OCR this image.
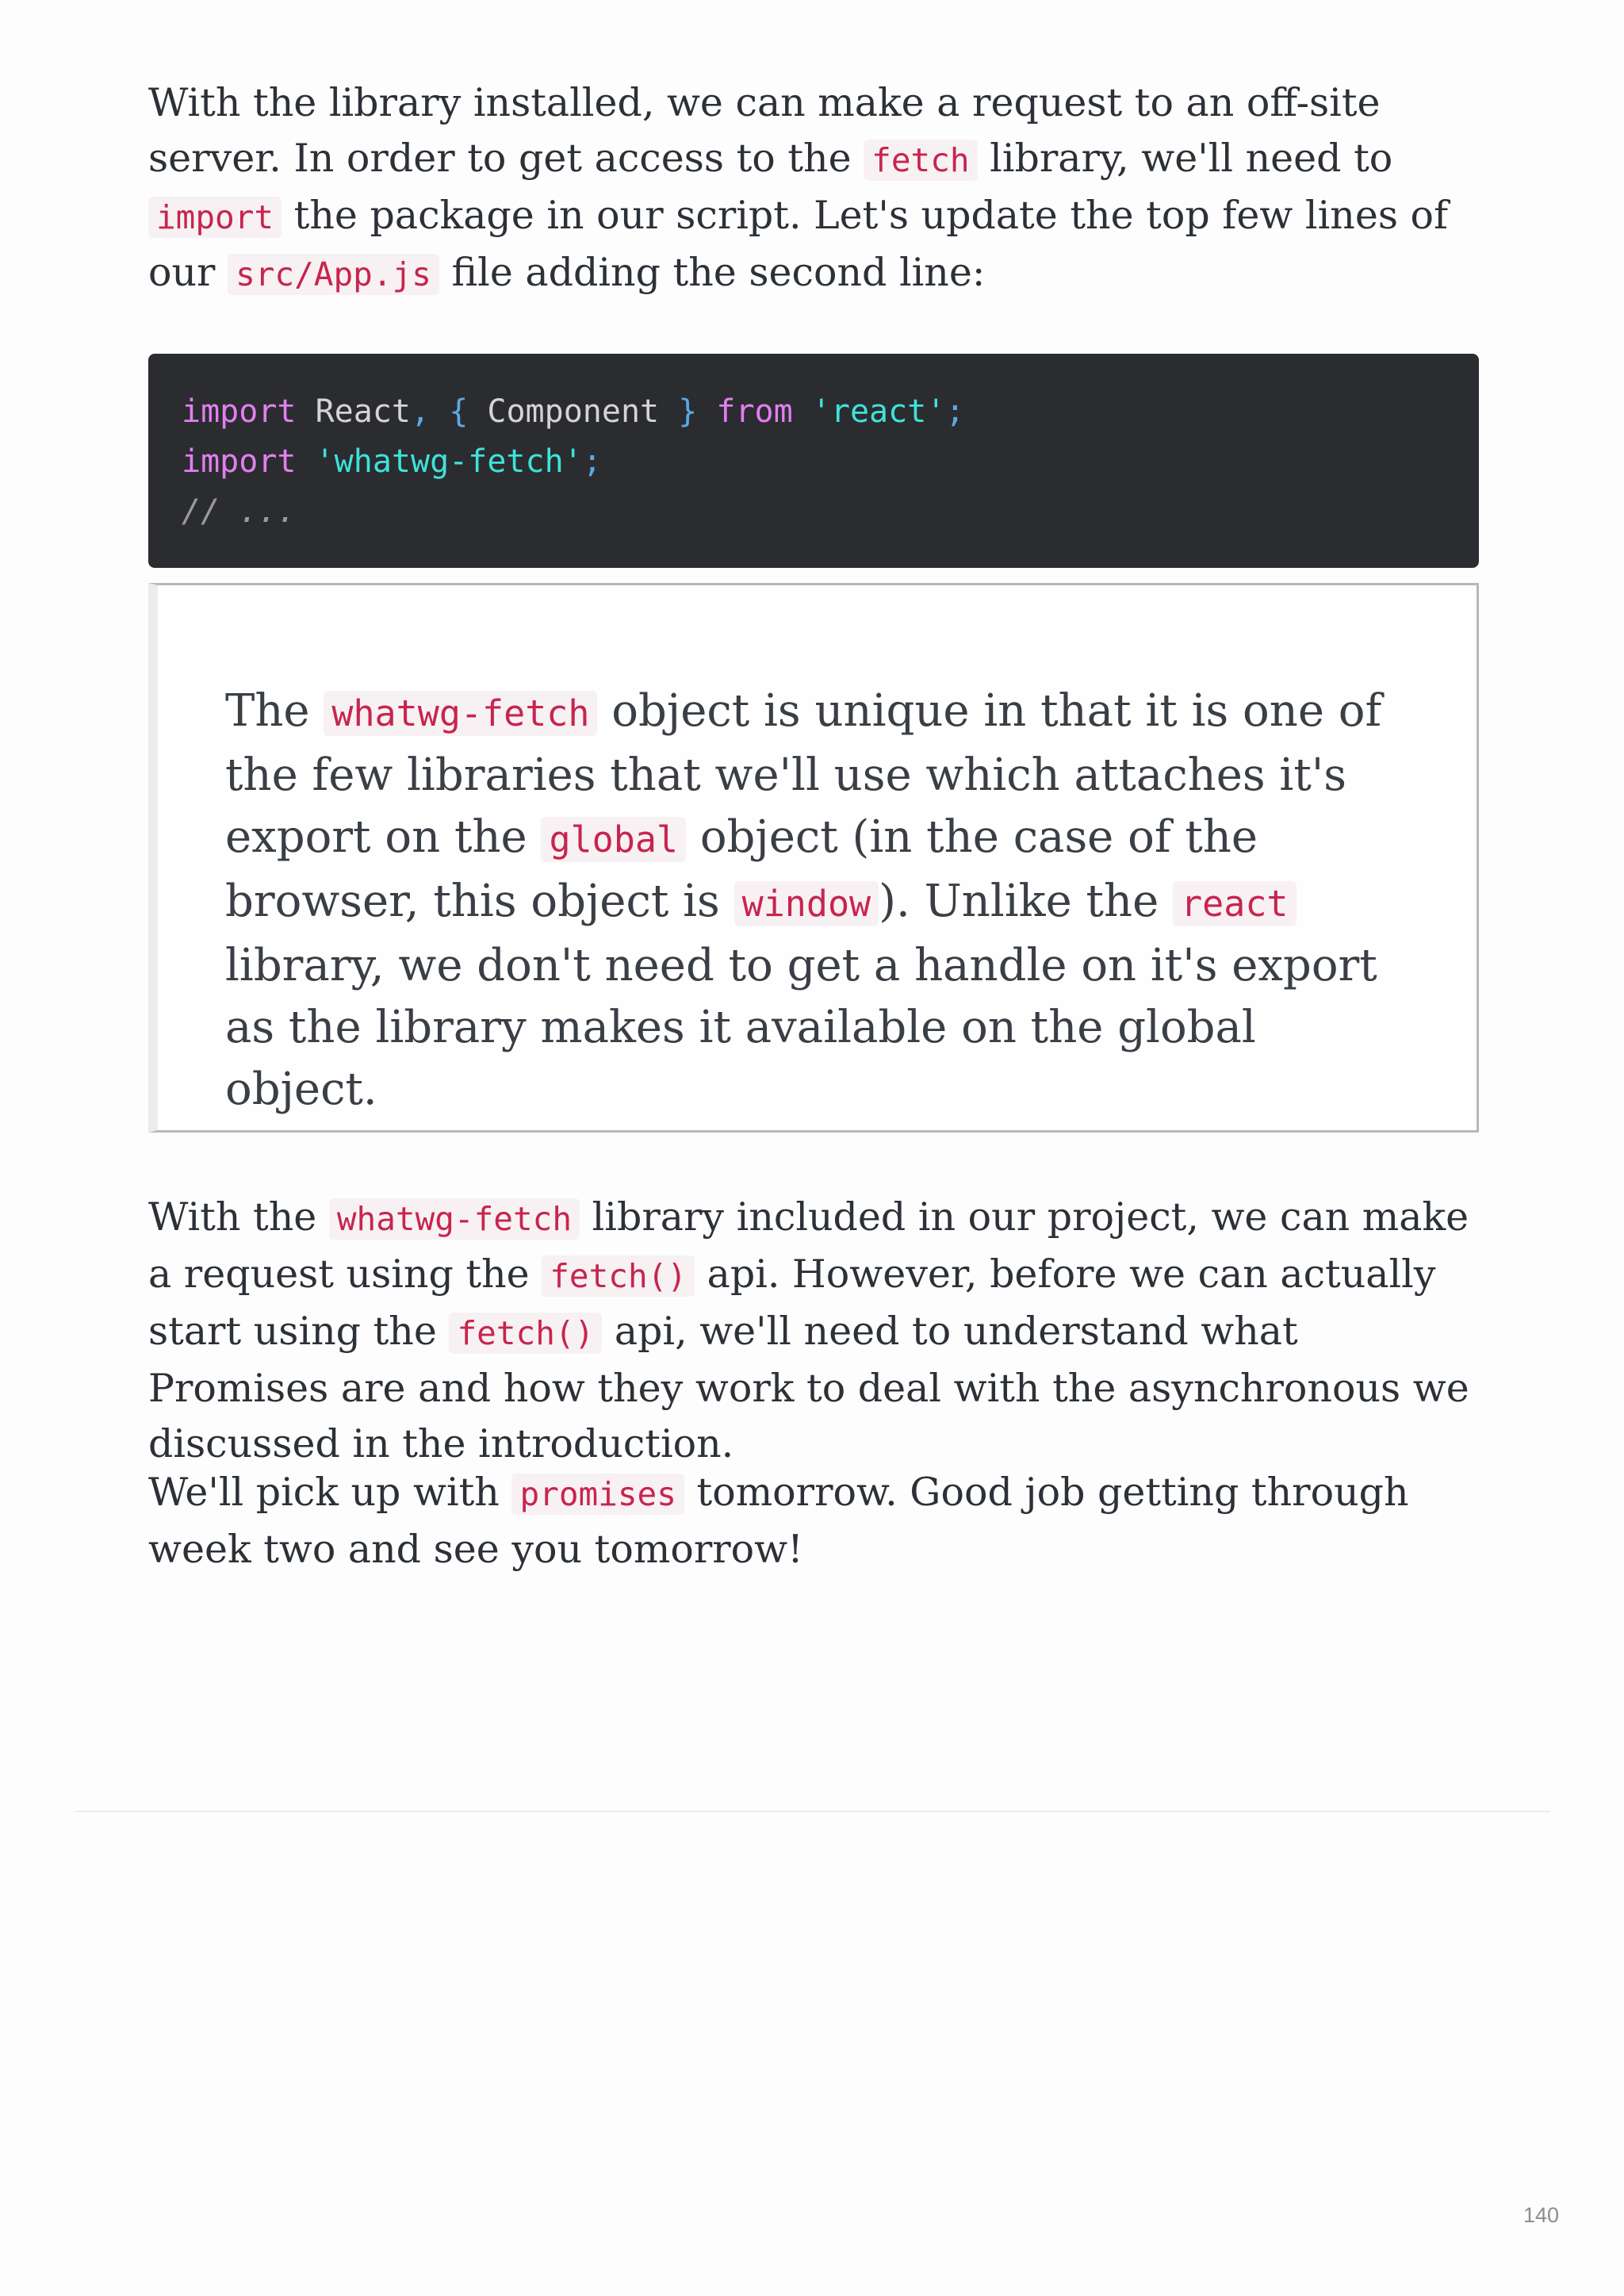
With the library installed, we can make a request to an off-site server. In order to get access to the fetch library, we'll need to import the package in our script. Let's update the top few lines of our src/App.js file adding the second line:

import React, { Component } from 'react';
import 'whatwg-fetch';
// ...

The whatwg-fetch object is unique in that it is one of the few libraries that we'll use which attaches it's export on the global object (in the case of the browser, this object is window ). Unlike the react library, we don't need to get a handle on it's export as the library makes it available on the global object.

With the whatwg-fetch library included in our project, we can make a request using the fetch() api. However, before we can actually start using the fetch() api, we'll need to understand what Promises are and how they work to deal with the asynchronous we discussed in the introduction.

We'll pick up with promises tomorrow. Good job getting through week two and see you tomorrow!

140
